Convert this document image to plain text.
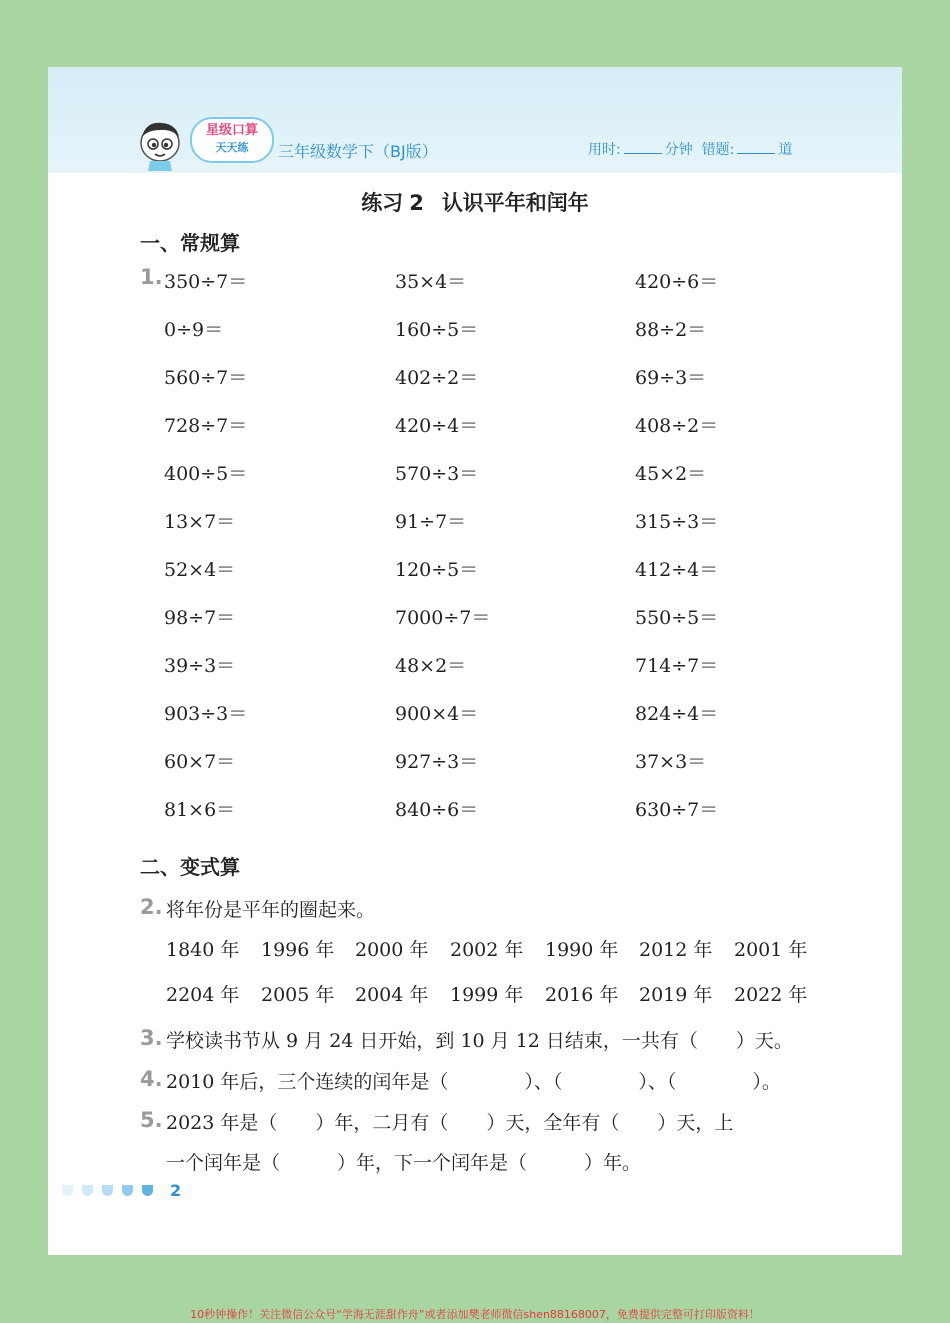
星级口算
天天练	三年级数学下（BJ版）	用时:	分钟 错题:	道
练习 2 认识平年和闰年
一、常规算
1. 350÷7＝	35×4＝	420÷6＝
0÷9＝	160÷5＝	88÷2＝
560÷7＝	402÷2＝	69÷3＝
728÷7＝	420÷4＝	408÷2＝
400÷5＝	570÷3＝	45×2＝
13×7＝	91÷7＝	315÷3＝
52×4＝	120÷5＝	412÷4＝
98÷7＝	7000÷7＝	550÷5＝
39÷3＝	48×2＝	714÷7＝
903÷3＝	900×4＝	824÷4＝
60×7＝	927÷3＝	37×3＝
81×6＝	840÷6＝	630÷7＝
二、变式算
2. 将年份是平年的圈起来。
1840 年 1996 年 2000 年 2002 年 1990 年 2012 年 2001 年
2204 年 2005 年 2004 年 1999 年 2016 年 2019 年 2022 年
3. 学校读书节从 9 月 24 日开始，到 10 月 12 日结束，一共有（　　）天。
4. 2010 年后，三个连续的闰年是（　　　　）、（　　　　）、（　　　　）。
5. 2023 年是（　　）年，二月有（　　）天，全年有（　　）天，上
一个闰年是（　　　）年，下一个闰年是（　　　）年。
2
10秒钟操作！关注微信公众号“学海无涯甜作舟”或者添加樊老师微信shen88168007，免费提供完整可打印版资料！
